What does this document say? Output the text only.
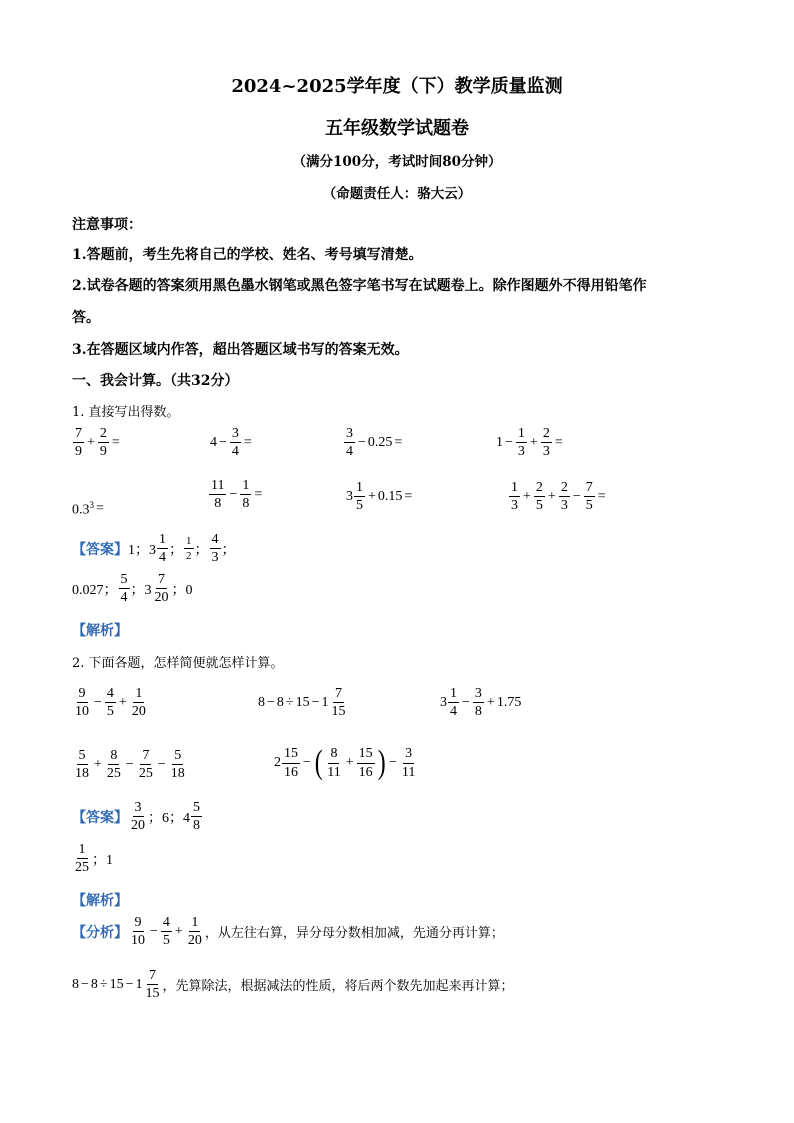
2024~2025学年度（下）教学质量监测
五年级数学试题卷
（满分100分，考试时间80分钟）
（命题责任人：骆大云）
注意事项：
1.答题前，考生先将自己的学校、姓名、考号填写清楚。
2.试卷各题的答案须用黑色墨水钢笔或黑色签字笔书写在试题卷上。除作图题外不得用铅笔作
答。
3.在答题区域内作答，超出答题区域书写的答案无效。
一、我会计算。（共32分）
1. 直接写出得数。
$\frac{7}{9} + \frac{2}{9}$ =	$4 - \frac{3}{4}$ =	$\frac{3}{4} - 0.25$ =	$1 - \frac{1}{3} + \frac{2}{3}$ =
$0.3^3$ =	$\frac{11}{8} - \frac{1}{8}$ =	$3 \frac{1}{5} + 0.15$ =	$\frac{1}{3} + \frac{2}{5} + \frac{2}{3} - \frac{7}{5}$ =
【答案】 1；$3 \frac{1}{4}$ ； $\frac{1}{2}$ ； $\frac{4}{3}$ ；
0.027； $\frac{5}{4}$ ；$3 \frac{7}{20}$ ；0
【解析】
2. 下面各题，怎样简便就怎样计算。
$\frac{9}{10} - \frac{4}{5} + \frac{1}{20}$	$8 - 8 \div 15 - 1 \frac{7}{15}$	$3 \frac{1}{4} - \frac{3}{8} + 1.75$
$\frac{5}{18} + \frac{8}{25} - \frac{7}{25} - \frac{5}{18}$	$2 \frac{15}{16}$ − ( $\frac{8}{11} + \frac{15}{16}$ ) − $\frac{3}{11}$
【答案】 $\frac{3}{20}$ ；6；$4 \frac{5}{8}$
$\frac{1}{25}$ ；1
【解析】
【分析】 $\frac{9}{10} - \frac{4}{5} + \frac{1}{20}$ ，从左往右算，异分母分数相加减，先通分再计算；
$8 - 8 \div 15 - 1 \frac{7}{15}$ ，先算除法，根据减法的性质，将后两个数先加起来再计算；
